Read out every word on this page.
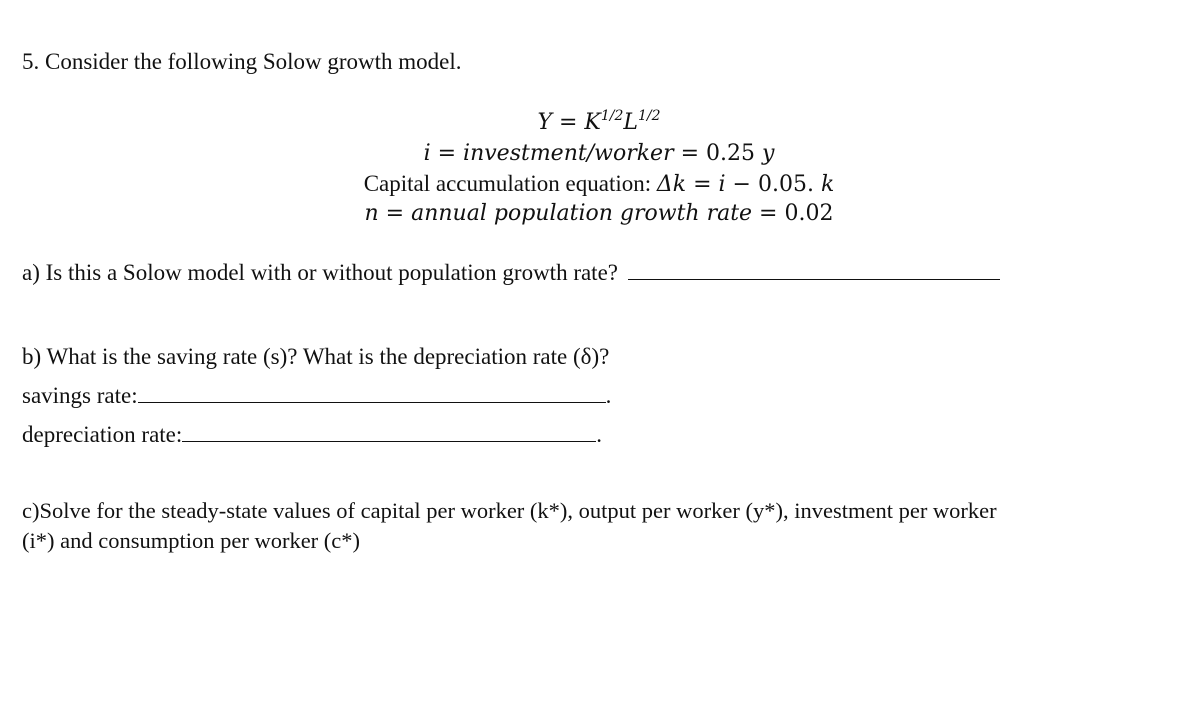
5. Consider the following Solow growth model.
$Y = K^{1/2}L^{1/2}$
i = investment/worker = 0.25 y
Capital accumulation equation: Δk = i − 0.05. k
n = annual population growth rate = 0.02
a) Is this a Solow model with or without population growth rate?
b) What is the saving rate (s)? What is the depreciation rate (δ)?
savings rate:	.
depreciation rate:	.
c)Solve for the steady-state values of capital per worker (k*), output per worker (y*), investment per worker
(i*) and consumption per worker (c*)
